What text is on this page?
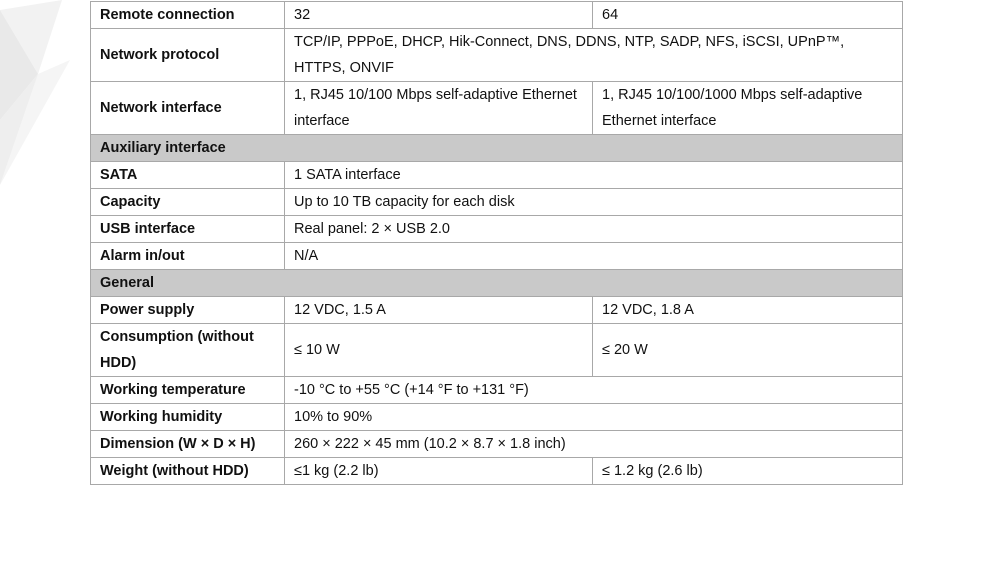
Remote connection	32	64
Network protocol	TCP/IP, PPPoE, DHCP, Hik-Connect, DNS, DDNS, NTP, SADP, NFS, iSCSI, UPnP™, HTTPS, ONVIF	
Network interface	1, RJ45 10/100 Mbps self-adaptive Ethernet interface	1, RJ45 10/100/1000 Mbps self-adaptive Ethernet interface
Auxiliary interface		
SATA	1 SATA interface	
Capacity	Up to 10 TB capacity for each disk	
USB interface	Real panel: 2 × USB 2.0	
Alarm in/out	N/A	
General		
Power supply	12 VDC, 1.5 A	12 VDC, 1.8 A
Consumption (without HDD)	≤ 10 W	≤ 20 W
Working temperature	-10 °C to +55 °C (+14 °F to +131 °F)	
Working humidity	10% to 90%	
Dimension (W × D × H)	260 × 222 × 45 mm (10.2 × 8.7 × 1.8 inch)	
Weight (without HDD)	≤1 kg (2.2 lb)	≤ 1.2 kg (2.6 lb)
